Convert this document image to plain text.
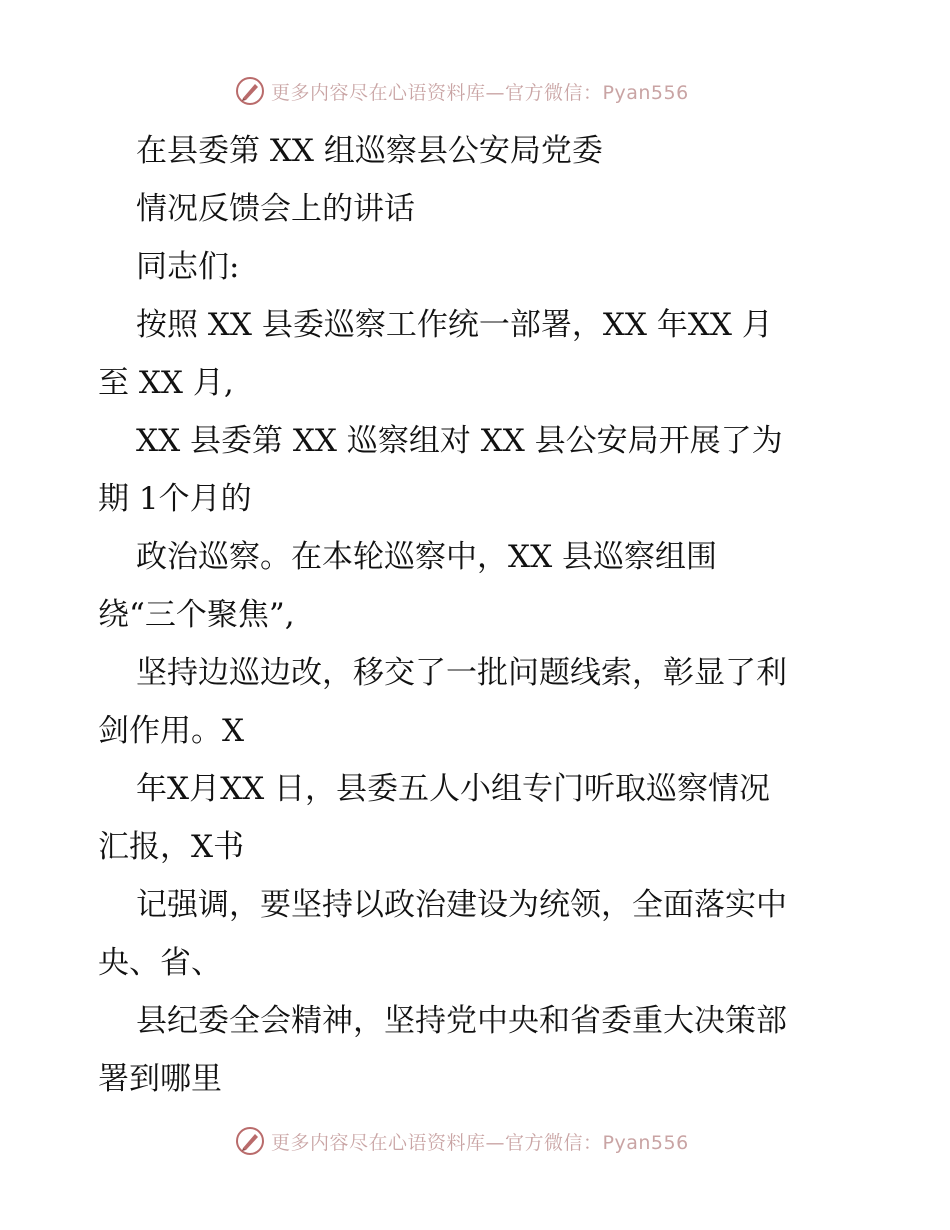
更多内容尽在心语资料库—官方微信：Pyan556
在县委第 XX 组巡察县公安局党委
情况反馈会上的讲话
同志们:
按照 XX 县委巡察工作统一部署，XX 年XX 月
至 XX 月,
XX 县委第 XX 巡察组对 XX 县公安局开展了为
期 1个月的
政治巡察。在本轮巡察中，XX 县巡察组围
绕“三个聚焦”,
坚持边巡边改，移交了一批问题线索，彰显了利
剑作用。X
年X月XX 日，县委五人小组专门听取巡察情况
汇报，X书
记强调，要坚持以政治建设为统领，全面落实中
央、省、
县纪委全会精神，坚持党中央和省委重大决策部
署到哪里
更多内容尽在心语资料库—官方微信：Pyan556
